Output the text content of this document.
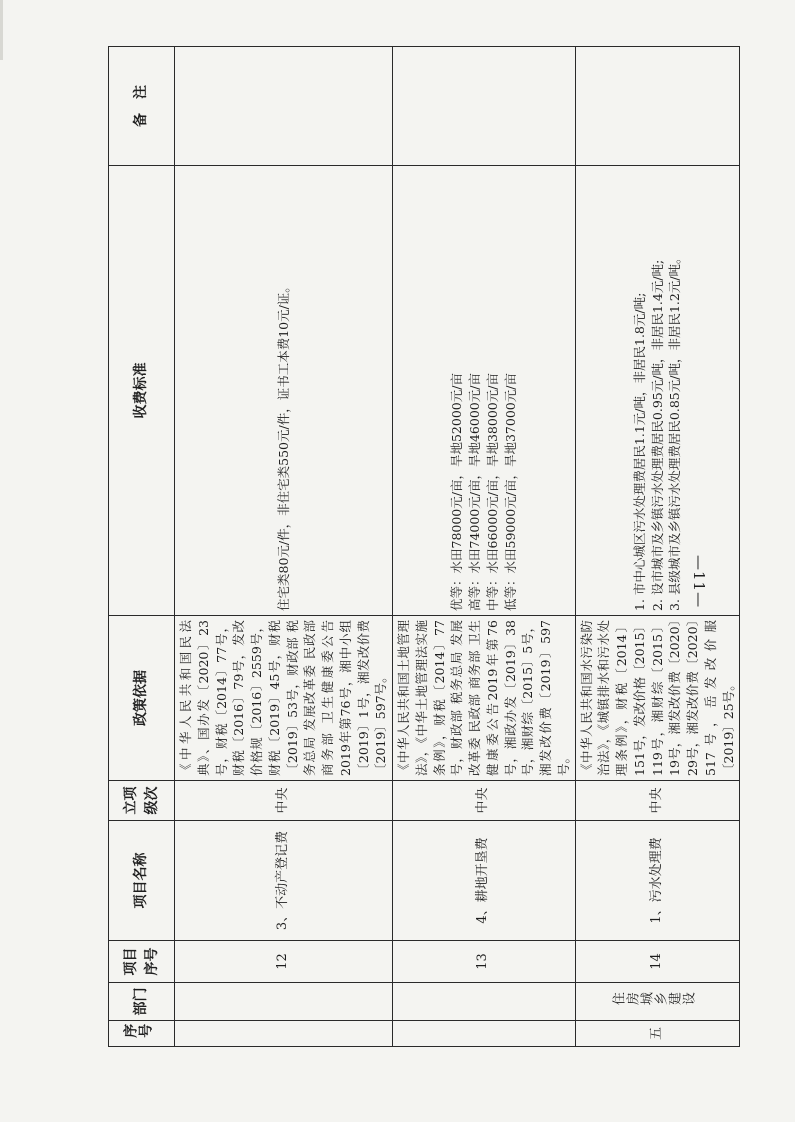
序号	部门	项目序号	项目名称	立项级次	政策依据	收费标准	备　注
		12	3、不动产登记费	中央	《中华人民共和国民法典》、国办发〔2020〕23号，财税〔2014〕77号，财税〔2016〕79号，发改价格规〔2016〕2559号，财税〔2019〕45号，财税〔2019〕53号，财政部 税务总局 发展改革委 民政部 商务部 卫生健康委公告2019年第76号，湘中小组〔2019〕1号，湘发改价费〔2019〕597号。	住宅类80元/件，非住宅类550元/件，证书工本费10元/证。	

		13	4、耕地开垦费	中央	《中华人民共和国土地管理法》，《中华土地管理法实施条例》，财税〔2014〕77号，财政部 税务总局 发展改革委 民政部 商务部 卫生健康委公告2019年第76号，湘政办发〔2019〕38号，湘财综〔2015〕5号，湘发改价费〔2019〕597号。	优等：水田78000元/亩，旱地52000元/亩 高等：水田74000元/亩，旱地46000元/亩 中等：水田66000元/亩，旱地38000元/亩 低等：水田59000元/亩，旱地37000元/亩	

五	住房城乡建设	14	1、污水处理费	中央	《中华人民共和国水污染防治法》，《城镇排水和污水处理条例》，财税〔2014〕151号，发改价格〔2015〕119号，湘财综〔2015〕19号，湘发改价费〔2020〕29号，湘发改价费〔2020〕517号，岳发改价服〔2019〕25号。	1. 市中心城区污水处理费居民1.1元/吨，非居民1.8元/吨; 2. 设市城市及乡镇污水处理费居民0.95元/吨，非居民1.4元/吨; 3. 县级城市及乡镇污水处理费居民0.85元/吨，非居民1.2元/吨。	
	—11—
